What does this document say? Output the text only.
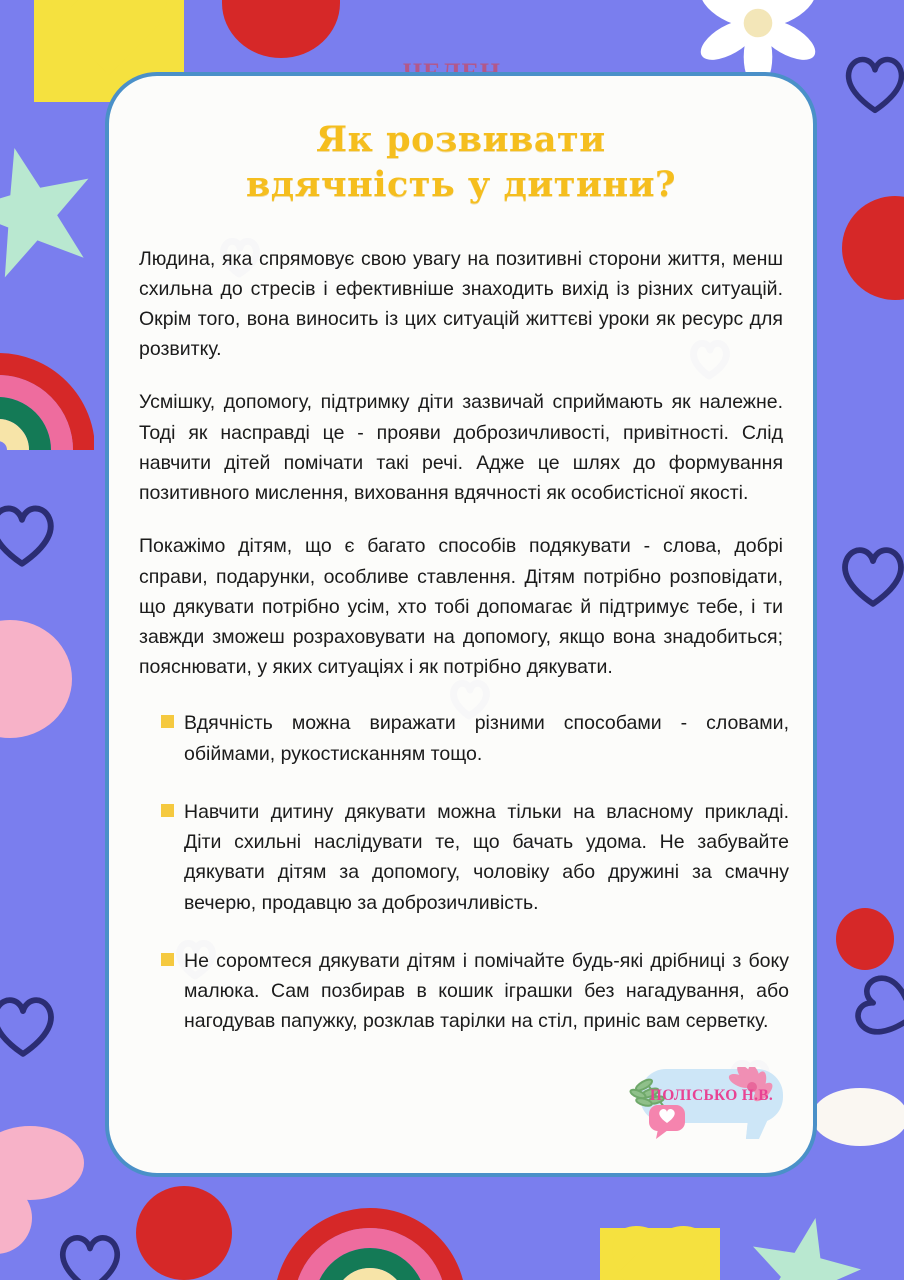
Як розвивати
вдячність у дитини?

Людина, яка спрямовує свою увагу на позитивні сторони життя, менш схильна до стресів і ефективніше знаходить вихід із різних ситуацій. Окрім того, вона виносить із цих ситуацій життєві уроки як ресурс для розвитку.

Усмішку, допомогу, підтримку діти зазвичай сприймають як належне. Тоді як насправді це - прояви доброзичливості, привітності. Слід навчити дітей помічати такі речі. Адже це шлях до формування позитивного мислення, виховання вдячності як особистісної якості.

Покажімо дітям, що є багато способів подякувати - слова, добрі справи, подарунки, особливе ставлення. Дітям потрібно розповідати, що дякувати потрібно усім, хто тобі допомагає й підтримує тебе, і ти завжди зможеш розраховувати на допомогу, якщо вона знадобиться; пояснювати, у яких ситуаціях і як потрібно дякувати.

Вдячність можна виражати різними способами - словами, обіймами, рукостисканням тощо.
Навчити дитину дякувати можна тільки на власному прикладі. Діти схильні наслідувати те, що бачать удома. Не забувайте дякувати дітям за допомогу, чоловіку або дружині за смачну вечерю, продавцю за доброзичливість.
Не соромтеся дякувати дітям і помічайте будь-які дрібниці з боку малюка. Сам позбирав в кошик іграшки без нагадування, або нагодував папужку, розклав тарілки на стіл, приніс вам серветку.
ПОЛІСЬКО Н.В.
